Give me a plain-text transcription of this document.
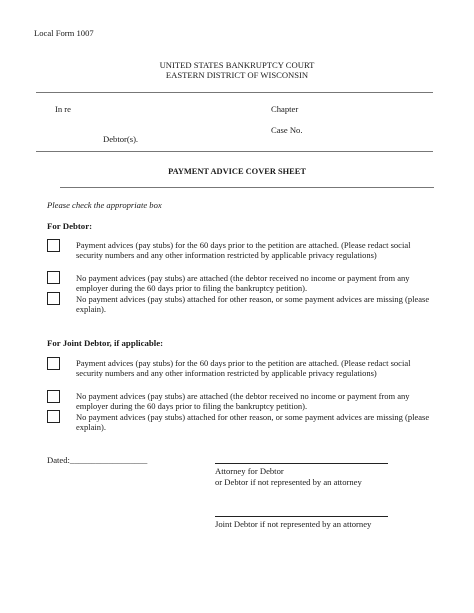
Local Form 1007
UNITED STATES BANKRUPTCY COURT
EASTERN DISTRICT OF WISCONSIN
In re	Chapter
Case No.
Debtor(s).
PAYMENT ADVICE COVER SHEET
Please check the appropriate box
For Debtor:
Payment advices (pay stubs) for the 60 days prior to the petition are attached. (Please redact social security numbers and any other information restricted by applicable privacy regulations)
No payment advices (pay stubs) are attached (the debtor received no income or payment from any employer during the 60 days prior to filing the bankruptcy petition).
No payment advices (pay stubs) attached for other reason, or some payment advices are missing (please explain).
For Joint Debtor, if applicable:
Payment advices (pay stubs) for the 60 days prior to the petition are attached. (Please redact social security numbers and any other information restricted by applicable privacy regulations)
No payment advices (pay stubs) are attached (the debtor received no income or payment from any employer during the 60 days prior to filing the bankruptcy petition).
No payment advices (pay stubs) attached for other reason, or some payment advices are missing (please explain).
Dated:__________________
Attorney for Debtor
or Debtor if not represented by an attorney
Joint Debtor if not represented by an attorney
